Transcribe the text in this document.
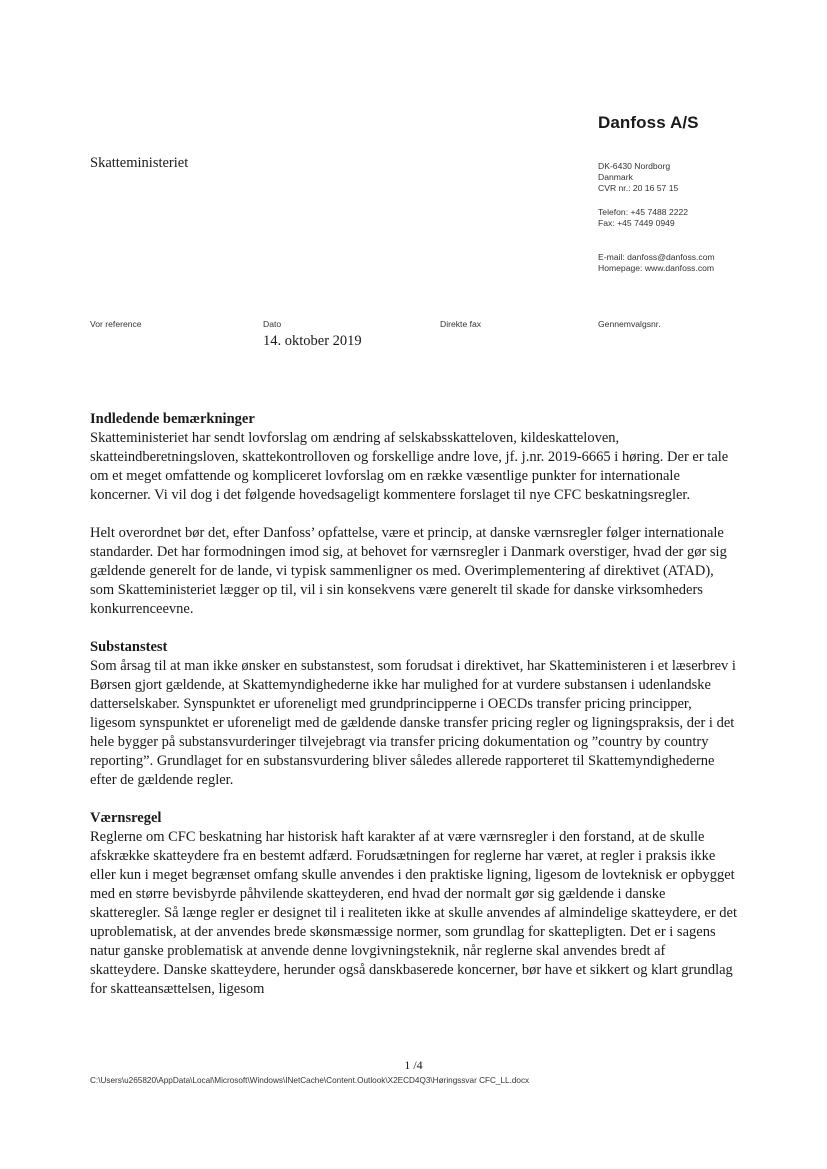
Danfoss A/S
Skatteministeriet	DK-6430 Nordborg
Danmark
CVR nr.: 20 16 57 15
Telefon: +45 7488 2222
Fax: +45 7449 0949
E-mail: danfoss@danfoss.com
Homepage: www.danfoss.com
Vor reference	Dato	Direkte fax	Gennemvalgsnr.
14. oktober 2019
Indledende bemærkninger

Skatteministeriet har sendt lovforslag om ændring af selskabsskatteloven, kildeskatteloven, skatteindberetningsloven, skattekontrolloven og forskellige andre love, jf. j.nr. 2019-6665 i høring. Der er tale om et meget omfattende og kompliceret lovforslag om en række væsentlige punkter for internationale koncerner. Vi vil dog i det følgende hovedsageligt kommentere forslaget til nye CFC beskatningsregler.

Helt overordnet bør det, efter Danfoss’ opfattelse, være et princip, at danske værnsregler følger internationale standarder. Det har formodningen imod sig, at behovet for værnsregler i Danmark overstiger, hvad der gør sig gældende generelt for de lande, vi typisk sammenligner os med. Overimplementering af direktivet (ATAD), som Skatteministeriet lægger op til, vil i sin konsekvens være generelt til skade for danske virksomheders konkurrenceevne.

Substanstest

Som årsag til at man ikke ønsker en substanstest, som forudsat i direktivet, har Skatteministeren i et læserbrev i Børsen gjort gældende, at Skattemyndighederne ikke har mulighed for at vurdere substansen i udenlandske datterselskaber. Synspunktet er uforeneligt med grundprincipperne i OECDs transfer pricing principper, ligesom synspunktet er uforeneligt med de gældende danske transfer pricing regler og ligningspraksis, der i det hele bygger på substansvurderinger tilvejebragt via transfer pricing dokumentation og ”country by country reporting”. Grundlaget for en substansvurdering bliver således allerede rapporteret til Skattemyndighederne efter de gældende regler.

Værnsregel

Reglerne om CFC beskatning har historisk haft karakter af at være værnsregler i den forstand, at de skulle afskrække skatteydere fra en bestemt adfærd. Forudsætningen for reglerne har været, at regler i praksis ikke eller kun i meget begrænset omfang skulle anvendes i den praktiske ligning, ligesom de lovteknisk er opbygget med en større bevisbyrde påhvilende skatteyderen, end hvad der normalt gør sig gældende i danske skatteregler. Så længe regler er designet til i realiteten ikke at skulle anvendes af almindelige skatteydere, er det uproblematisk, at der anvendes brede skønsmæssige normer, som grundlag for skattepligten. Det er i sagens natur ganske problematisk at anvende denne lovgivningsteknik, når reglerne skal anvendes bredt af skatteydere. Danske skatteydere, herunder også danskbaserede koncerner, bør have et sikkert og klart grundlag for skatteansættelsen, ligesom

1 /4
C:\Users\u265820\AppData\Local\Microsoft\Windows\INetCache\Content.Outlook\X2ECD4Q3\Høringssvar CFC_LL.docx
